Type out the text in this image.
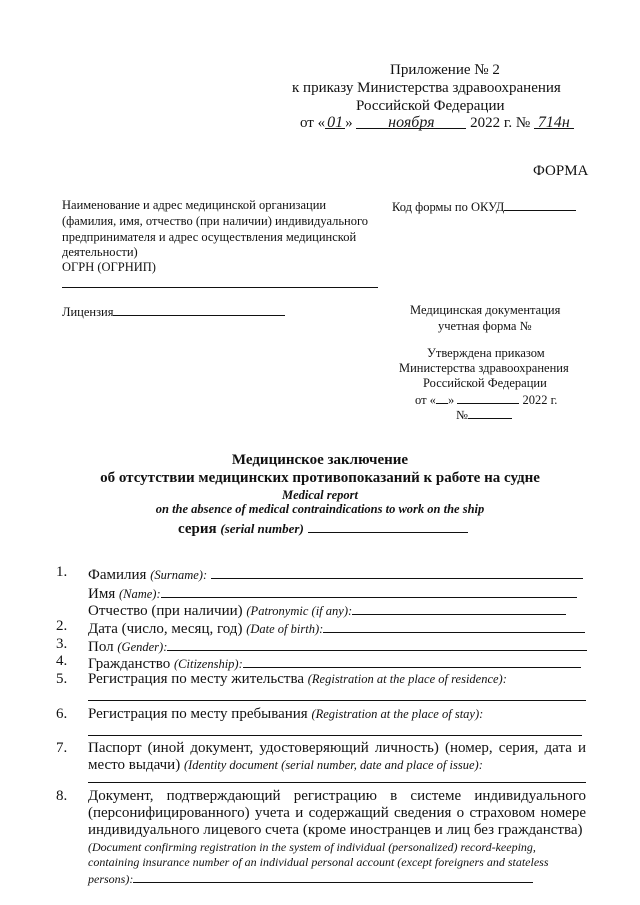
Приложение № 2
к приказу Министерства здравоохранения
Российской Федерации
от « 01 » ноября 2022 г. № 714н
ФОРМА
Наименование и адрес медицинской организации
(фамилия, имя, отчество (при наличии) индивидуального
предпринимателя и адрес осуществления медицинской
деятельности)
ОГРН (ОГРНИП)
Код формы по ОКУД
Лицензия	Медицинская документация
учетная форма №
Утверждена приказом
Министерства здравоохранения
Российской Федерации
от « »	2022 г.
№
Медицинское заключение
об отсутствии медицинских противопоказаний к работе на судне
Medical report
on the absence of medical contraindications to work on the ship
серия (serial number)
1. Фамилия (Surname):
Имя (Name):
Отчество (при наличии) (Patronymic (if any):
2. Дата (число, месяц, год) (Date of birth):
3. Пол (Gender):
4. Гражданство (Citizenship):
5. Регистрация по месту жительства (Registration at the place of residence):
6. Регистрация по месту пребывания (Registration at the place of stay):
7. Паспорт (иной документ, удостоверяющий личность) (номер, серия, дата и
место выдачи) (Identity document (serial number, date and place of issue):
8. Документ, подтверждающий регистрацию в системе индивидуального
(персонифицированного) учета и содержащий сведения о страховом номере
индивидуального лицевого счета (кроме иностранцев и лиц без гражданства)
(Document confirming registration in the system of individual (personalized) record-keeping,
containing insurance number of an individual personal account (except foreigners and stateless
persons):
